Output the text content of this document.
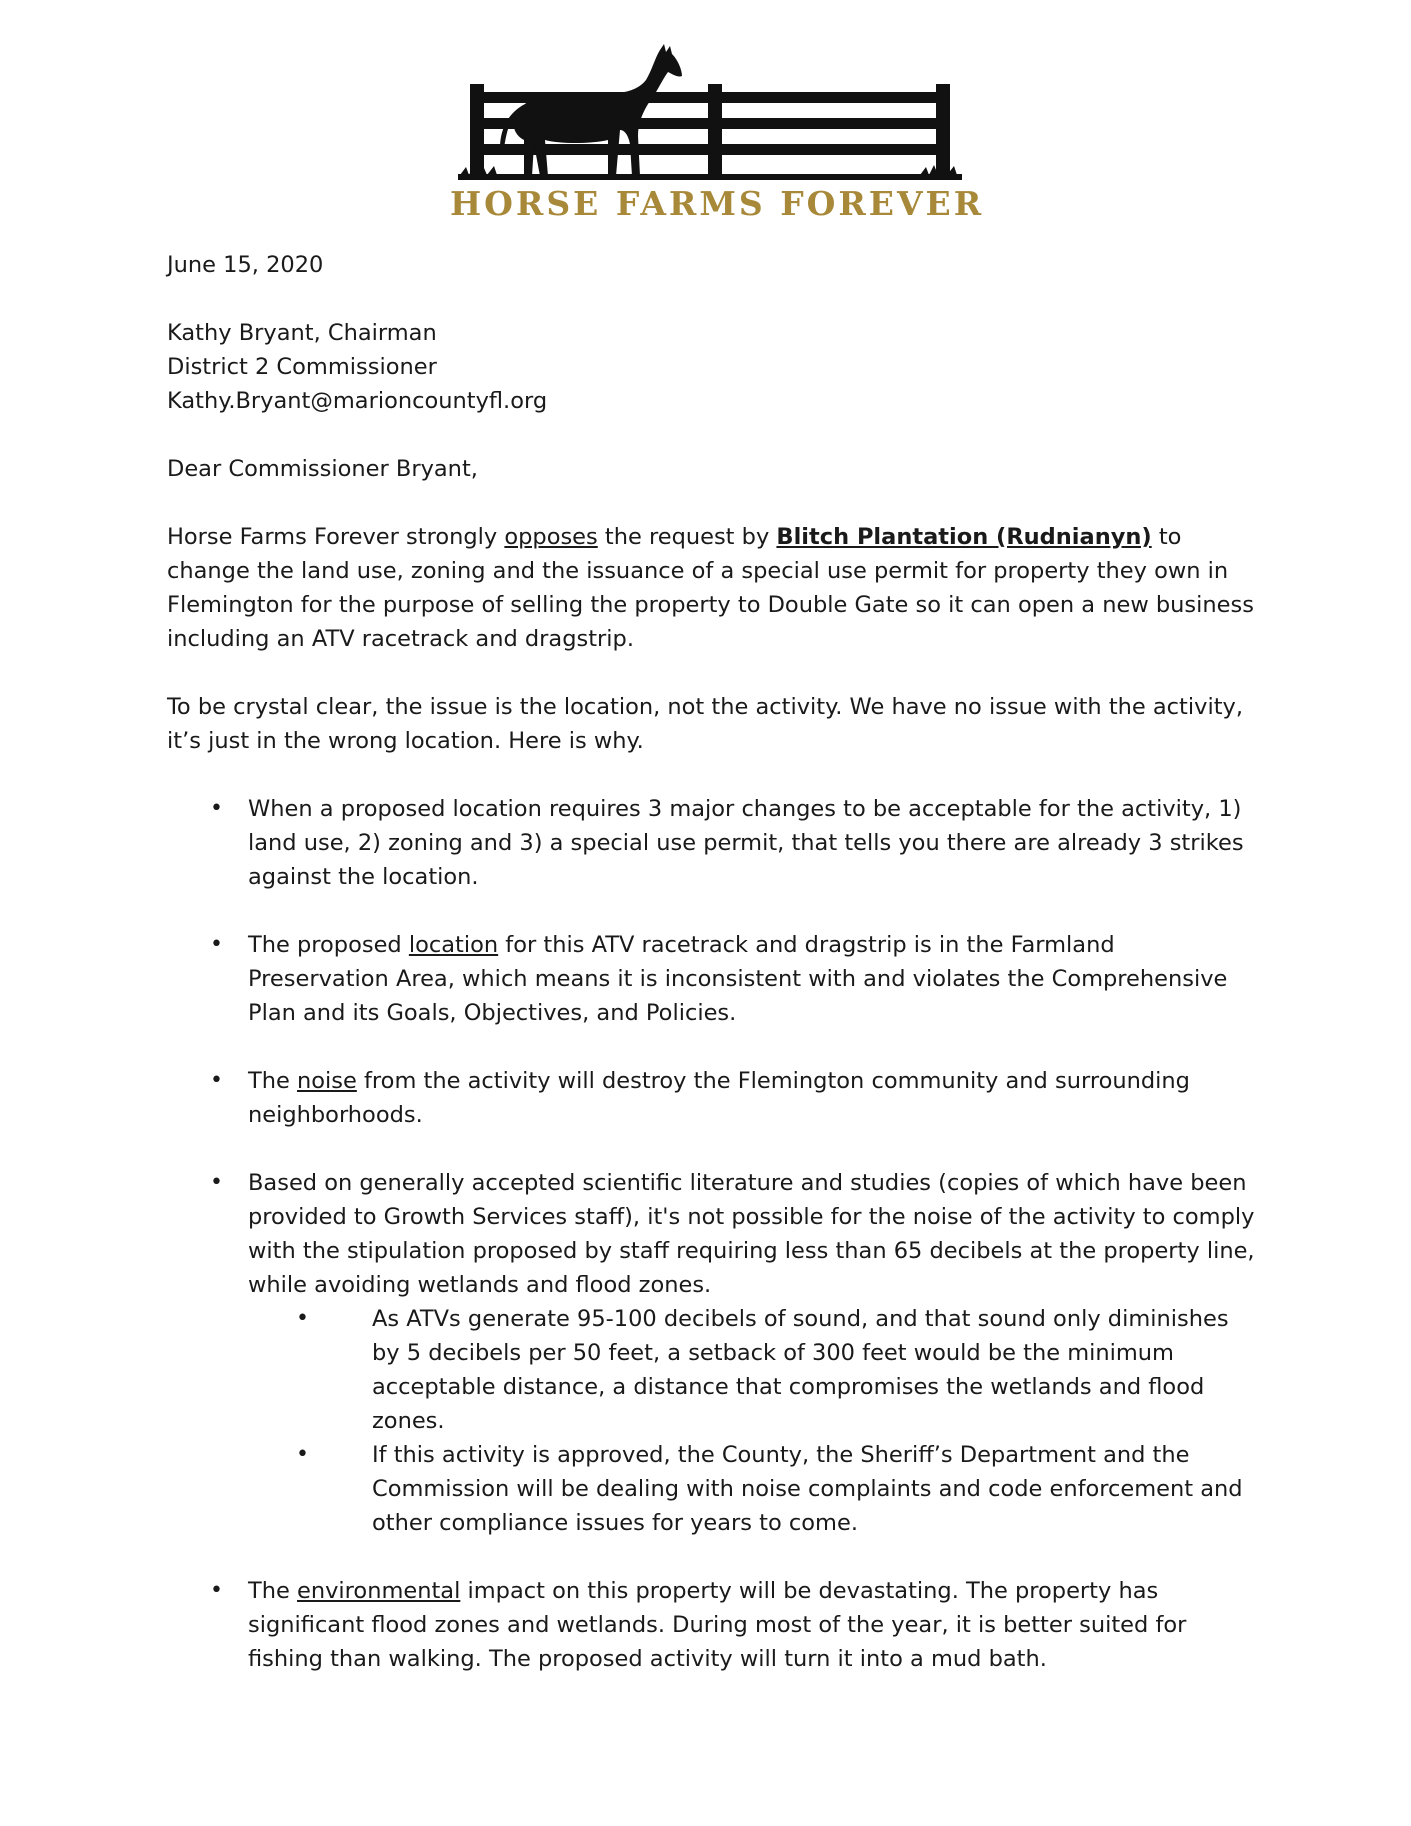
HORSE FARMS FOREVER
June 15, 2020
Kathy Bryant, Chairman
District 2 Commissioner
Kathy.Bryant@marioncountyfl.org
Dear Commissioner Bryant,
Horse Farms Forever strongly opposes the request by Blitch Plantation (Rudnianyn) to change the land use, zoning and the issuance of a special use permit for property they own in Flemington for the purpose of selling the property to Double Gate so it can open a new business including an ATV racetrack and dragstrip.
To be crystal clear, the issue is the location, not the activity. We have no issue with the activity, it’s just in the wrong location. Here is why.
• When a proposed location requires 3 major changes to be acceptable for the activity, 1) land use, 2) zoning and 3) a special use permit, that tells you there are already 3 strikes against the location.
• The proposed location for this ATV racetrack and dragstrip is in the Farmland Preservation Area, which means it is inconsistent with and violates the Comprehensive Plan and its Goals, Objectives, and Policies.
• The noise from the activity will destroy the Flemington community and surrounding neighborhoods.
• Based on generally accepted scientific literature and studies (copies of which have been provided to Growth Services staff), it's not possible for the noise of the activity to comply with the stipulation proposed by staff requiring less than 65 decibels at the property line, while avoiding wetlands and flood zones.
•	As ATVs generate 95-100 decibels of sound, and that sound only diminishes by 5 decibels per 50 feet, a setback of 300 feet would be the minimum acceptable distance, a distance that compromises the wetlands and flood zones.
•	If this activity is approved, the County, the Sheriff’s Department and the Commission will be dealing with noise complaints and code enforcement and other compliance issues for years to come.
• The environmental impact on this property will be devastating. The property has significant flood zones and wetlands. During most of the year, it is better suited for fishing than walking. The proposed activity will turn it into a mud bath.
